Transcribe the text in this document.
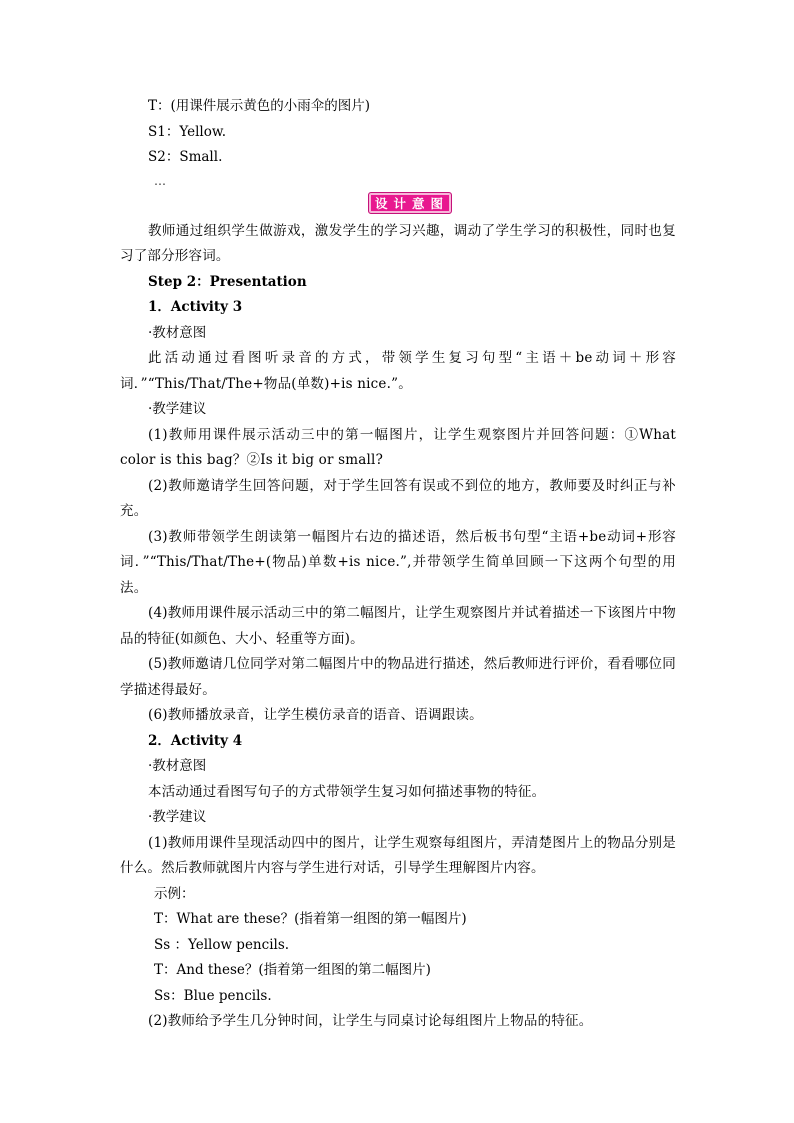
T：(用课件展示黄色的小雨伞的图片)
S1：Yellow.
S2：Small.
…
设计意图
教师通过组织学生做游戏，激发学生的学习兴趣，调动了学生学习的积极性，同时也复习了部分形容词。
Step 2：Presentation
1．Activity 3
·教材意图
此活动通过看图听录音的方式，带领学生复习句型“主语＋be动词＋形容词．”“This/That/The+物品(单数)+is nice.”。
·教学建议
(1)教师用课件展示活动三中的第一幅图片，让学生观察图片并回答问题：①What color is this bag？②Is it big or small?
(2)教师邀请学生回答问题，对于学生回答有误或不到位的地方，教师要及时纠正与补充。
(3)教师带领学生朗读第一幅图片右边的描述语，然后板书句型“主语+be动词+形容词．”“This/That/The+(物品)单数+is nice.”,并带领学生简单回顾一下这两个句型的用法。
(4)教师用课件展示活动三中的第二幅图片，让学生观察图片并试着描述一下该图片中物品的特征(如颜色、大小、轻重等方面)。
(5)教师邀请几位同学对第二幅图片中的物品进行描述，然后教师进行评价，看看哪位同学描述得最好。
(6)教师播放录音，让学生模仿录音的语音、语调跟读。
2．Activity 4
·教材意图
本活动通过看图写句子的方式带领学生复习如何描述事物的特征。
·教学建议
(1)教师用课件呈现活动四中的图片，让学生观察每组图片，弄清楚图片上的物品分别是什么。然后教师就图片内容与学生进行对话，引导学生理解图片内容。
示例：
T：What are these？(指着第一组图的第一幅图片)
Ss ：Yellow pencils.
T：And these？(指着第一组图的第二幅图片)
Ss：Blue pencils.
(2)教师给予学生几分钟时间，让学生与同桌讨论每组图片上物品的特征。
